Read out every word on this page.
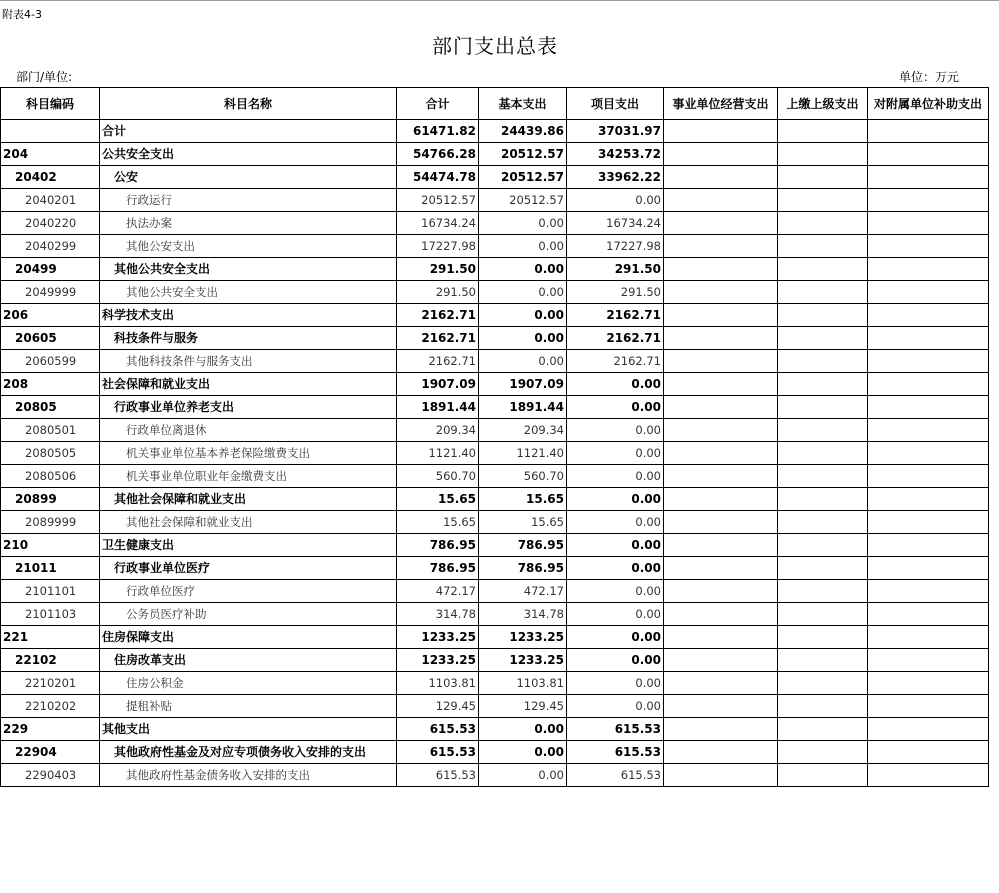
附表4-3
部门支出总表
部门/单位:	单位：万元
科目编码	科目名称	合计	基本支出	项目支出	事业单位经营支出	上缴上级支出	对附属单位补助支出
	合计	61471.82	24439.86	37031.97			
204	公共安全支出	54766.28	20512.57	34253.72			
20402	公安	54474.78	20512.57	33962.22			
2040201	行政运行	20512.57	20512.57	0.00			
2040220	执法办案	16734.24	0.00	16734.24			
2040299	其他公安支出	17227.98	0.00	17227.98			
20499	其他公共安全支出	291.50	0.00	291.50			
2049999	其他公共安全支出	291.50	0.00	291.50			
206	科学技术支出	2162.71	0.00	2162.71			
20605	科技条件与服务	2162.71	0.00	2162.71			
2060599	其他科技条件与服务支出	2162.71	0.00	2162.71			
208	社会保障和就业支出	1907.09	1907.09	0.00			
20805	行政事业单位养老支出	1891.44	1891.44	0.00			
2080501	行政单位离退休	209.34	209.34	0.00			
2080505	机关事业单位基本养老保险缴费支出	1121.40	1121.40	0.00			
2080506	机关事业单位职业年金缴费支出	560.70	560.70	0.00			
20899	其他社会保障和就业支出	15.65	15.65	0.00			
2089999	其他社会保障和就业支出	15.65	15.65	0.00			
210	卫生健康支出	786.95	786.95	0.00			
21011	行政事业单位医疗	786.95	786.95	0.00			
2101101	行政单位医疗	472.17	472.17	0.00			
2101103	公务员医疗补助	314.78	314.78	0.00			
221	住房保障支出	1233.25	1233.25	0.00			
22102	住房改革支出	1233.25	1233.25	0.00			
2210201	住房公积金	1103.81	1103.81	0.00			
2210202	提租补贴	129.45	129.45	0.00			
229	其他支出	615.53	0.00	615.53			
22904	其他政府性基金及对应专项债务收入安排的支出	615.53	0.00	615.53			
2290403	其他政府性基金债务收入安排的支出	615.53	0.00	615.53			
